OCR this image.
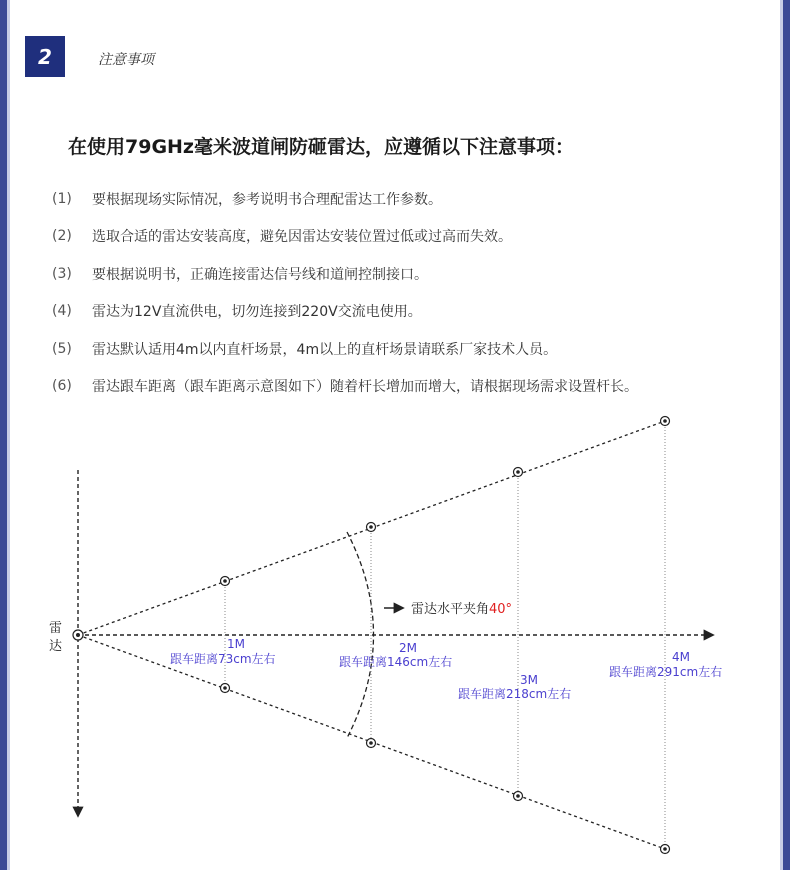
2	注意事项
在使用79GHz毫米波道闸防砸雷达，应遵循以下注意事项：
(1)	要根据现场实际情况，参考说明书合理配雷达工作参数。
(2)	选取合适的雷达安装高度，避免因雷达安装位置过低或过高而失效。
(3)	要根据说明书，正确连接雷达信号线和道闸控制接口。
(4)	雷达为12V直流供电，切勿连接到220V交流电使用。
(5)	雷达默认适用4m以内直杆场景，4m以上的直杆场景请联系厂家技术人员。
(6)	雷达跟车距离（跟车距离示意图如下）随着杆长增加而增大，请根据现场需求设置杆长。
雷
达
雷达水平夹角40°
1M
跟车距离73cm左右
2M
跟车距离146cm左右
3M
跟车距离218cm左右
4M
跟车距离291cm左右
